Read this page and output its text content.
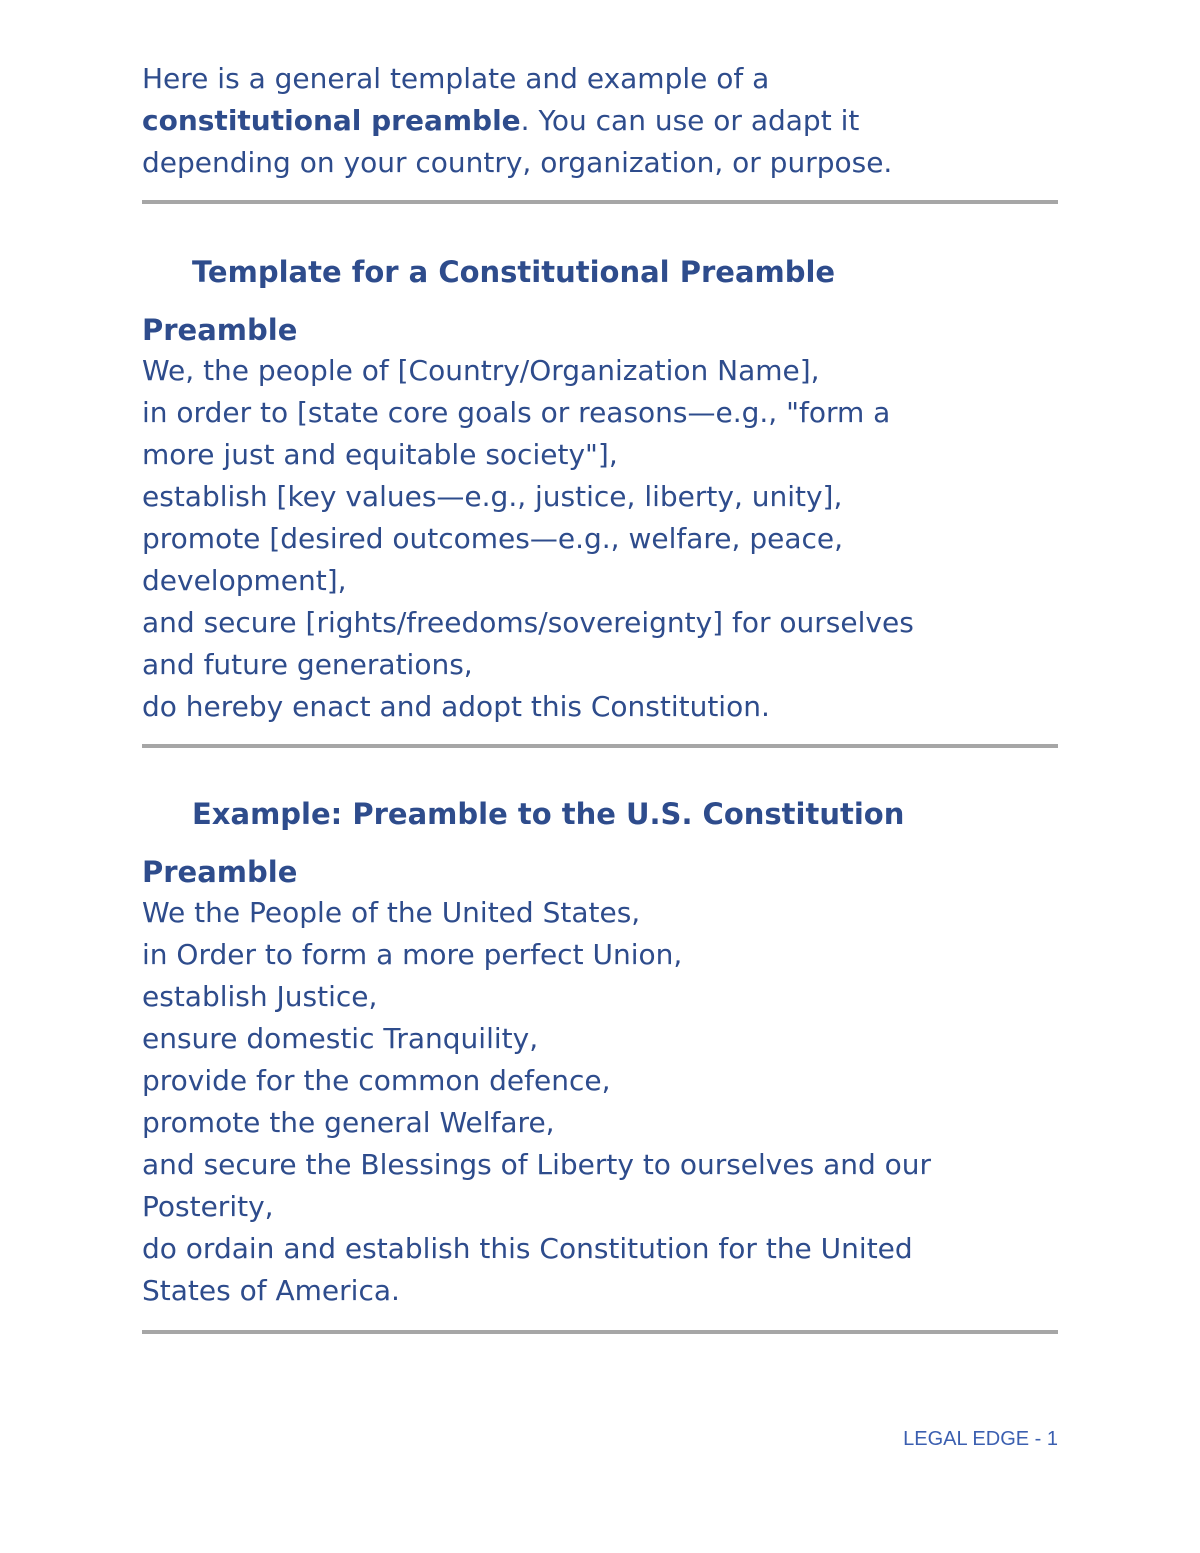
Here is a general template and example of a
constitutional preamble. You can use or adapt it
depending on your country, organization, or purpose.

Template for a Constitutional Preamble
Preamble

We, the people of [Country/Organization Name],

in order to [state core goals or reasons—e.g., "form a

more just and equitable society"],

establish [key values—e.g., justice, liberty, unity],

promote [desired outcomes—e.g., welfare, peace,

development],

and secure [rights/freedoms/sovereignty] for ourselves

and future generations,

do hereby enact and adopt this Constitution.

Example: Preamble to the U.S. Constitution
Preamble

We the People of the United States,

in Order to form a more perfect Union,

establish Justice,

ensure domestic Tranquility,

provide for the common defence,

promote the general Welfare,

and secure the Blessings of Liberty to ourselves and our

Posterity,

do ordain and establish this Constitution for the United

States of America.

LEGAL EDGE - 1
